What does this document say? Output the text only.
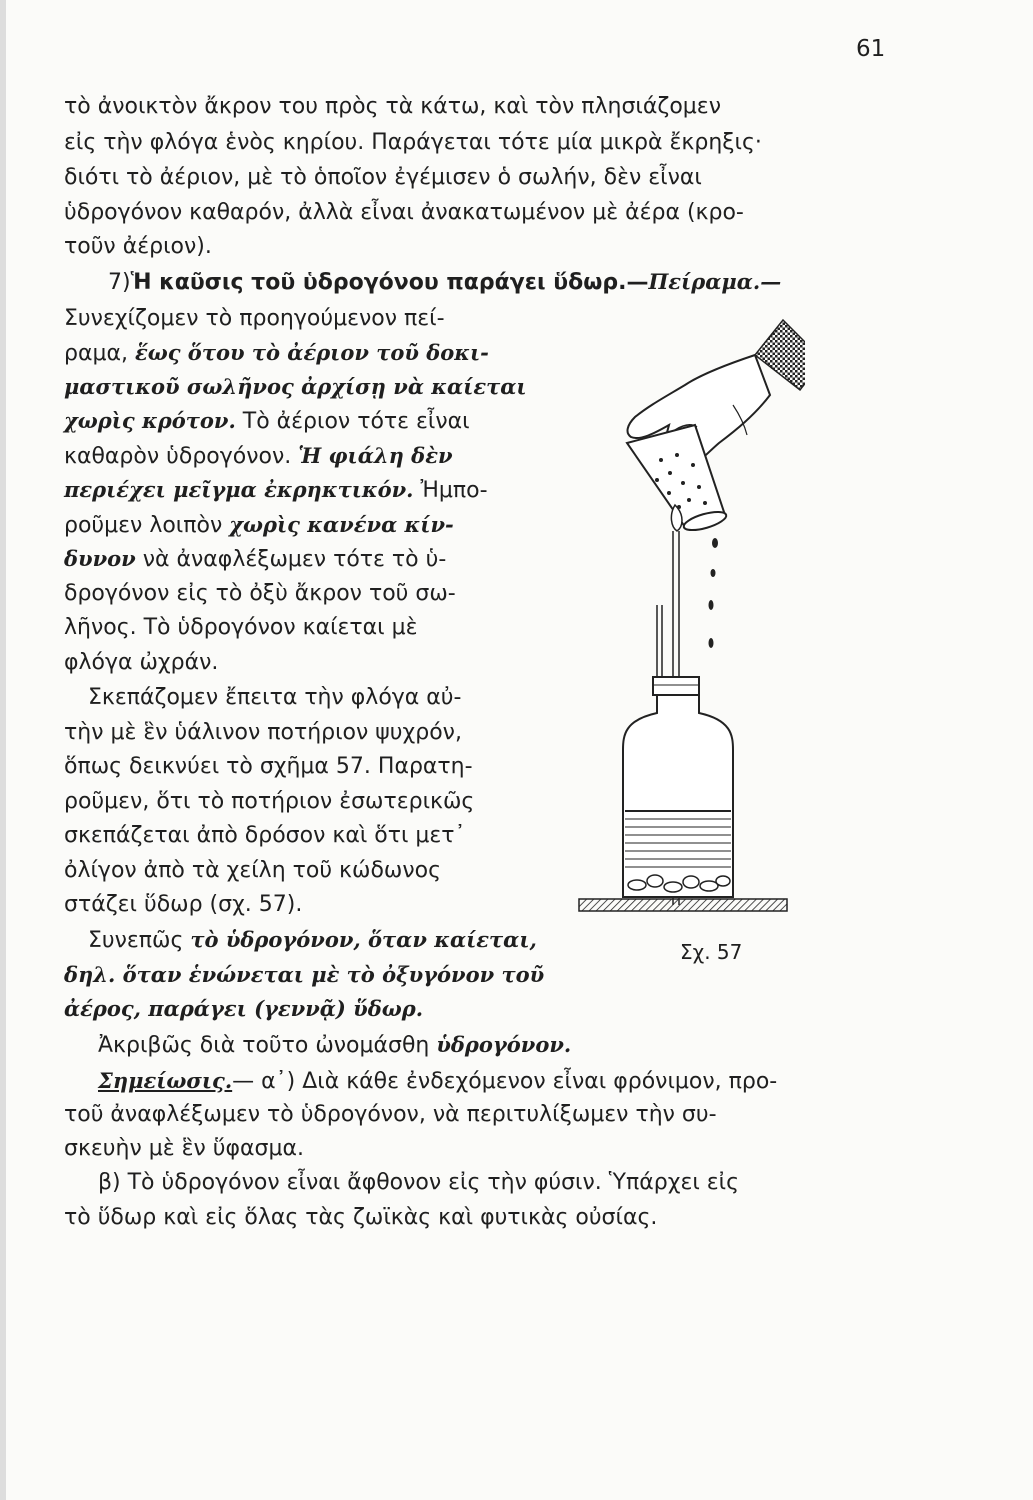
61
τὸ ἀνοικτὸν ἄκρον του πρὸς τὰ κάτω, καὶ τὸν πλησιάζομεν
εἰς τὴν φλόγα ἑνὸς κηρίου. Παράγεται τότε μία μικρὰ ἔκρηξις·
διότι τὸ ἀέριον, μὲ τὸ ὁποῖον ἐγέμισεν ὁ σωλήν, δὲν εἶναι
ὑδρογόνον καθαρόν, ἀλλὰ εἶναι ἀνακατωμένον μὲ ἀέρα (κρο-
τοῦν ἀέριον).
7)Ἡ καῦσις τοῦ ὑδρογόνου παράγει ὕδωρ.—Πείραμα.—
Συνεχίζομεν τὸ προηγούμενον πεί-
ραμα, ἕως ὅτου τὸ ἀέριον τοῦ δοκι-
μαστικοῦ σωλῆνος ἀρχίσῃ νὰ καίεται
χωρὶς κρότον. Τὸ ἀέριον τότε εἶναι
καθαρὸν ὑδρογόνον. Ἡ φιάλη δὲν
περιέχει μεῖγμα ἐκρηκτικόν. Ἠμπο-
ροῦμεν λοιπὸν χωρὶς κανένα κίν-
δυνον νὰ ἀναφλέξωμεν τότε τὸ ὑ-
δρογόνον εἰς τὸ ὀξὺ ἄκρον τοῦ σω-
λῆνος. Τὸ ὑδρογόνον καίεται μὲ
φλόγα ὠχράν.
Σκεπάζομεν ἔπειτα τὴν φλόγα αὐ-
τὴν μὲ ἓν ὑάλινον ποτήριον ψυχρόν,
ὅπως δεικνύει τὸ σχῆμα 57. Παρατη-
ροῦμεν, ὅτι τὸ ποτήριον ἐσωτερικῶς
σκεπάζεται ἀπὸ δρόσον καὶ ὅτι μετ᾽
ὀλίγον ἀπὸ τὰ χείλη τοῦ κώδωνος
στάζει ὕδωρ (σχ. 57).
Συνεπῶς τὸ ὑδρογόνον, ὅταν καίεται,
δηλ. ὅταν ἑνώνεται μὲ τὸ ὀξυγόνον τοῦ
ἀέρος, παράγει (γεννᾷ) ὕδωρ.
Ἀκριβῶς διὰ τοῦτο ὠνομάσθη ὑδρογόνον.
Σημείωσις.— α᾽) Διὰ κάθε ἐνδεχόμενον εἶναι φρόνιμον, προ-
τοῦ ἀναφλέξωμεν τὸ ὑδρογόνον, νὰ περιτυλίξωμεν τὴν συ-
σκευὴν μὲ ἓν ὕφασμα.
β) Τὸ ὑδρογόνον εἶναι ἄφθονον εἰς τὴν φύσιν. Ὑπάρχει εἰς
τὸ ὕδωρ καὶ εἰς ὅλας τὰς ζωϊκὰς καὶ φυτικὰς οὐσίας.
Σχ. 57
